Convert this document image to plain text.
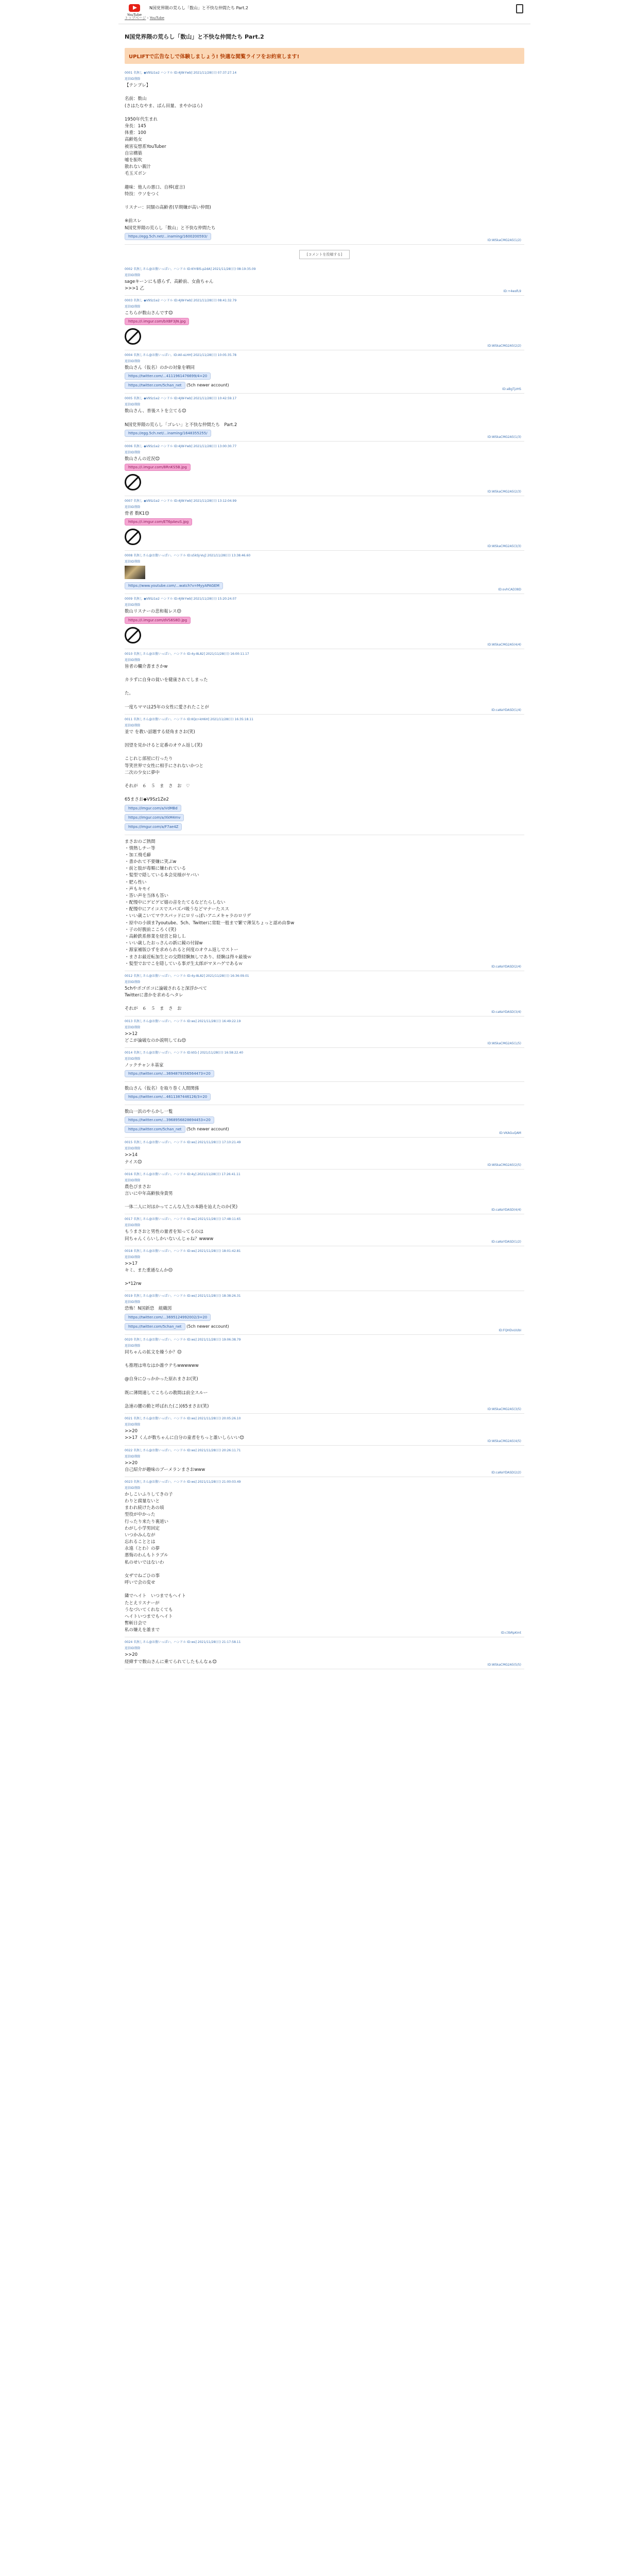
YouTube
N国党界隈の荒らし「数山」と不快な仲間たち Part.2
トップページ › YouTube
N国党界隈の荒らし「数山」と不快な仲間たち Part.2
UPLIFTで広告なしで体験しましょう! 快適な閲覧ライフをお約束します!
0001 名無し ◆V9Sz1e2 ハンドル ID:4JW-Ywb] 2021/11/28(日) 07:37:27.14
返信ID削除
【テンプレ】

名前：数山
(さはたなやま、ぱん田量、まやかはら)

1950年代生まれ
身長：145
体重：100
高齢処女
被害妄想系YouTuber
自宗構築
嘘を振吹
散れない親汁
毛玉ズボン

趣味：他人の悪口、自棒(虚言)
特技：ウソをつく

リスナー：同類の高齢者(早期嫌が高い仲間)

※前スレ
N国党界隈の荒らし「数山」と不快な仲間たち
https://egg.5ch.net/...inaming/1600200593/
ID:WSkaCMG2A5(1/2)
[コメントを投稿する]
0002 名無しさん@お腹いっぱい。ハンドル ID:KYrBlS-p2dA] 2021/11/28(日) 08:19:35.09
返信ID削除
sageキーンにも感らず、高齢前、女曲ちゃん
>>>1 乙
ID:+4wsfL9
0003 名無し ◆V9Sz1e2 ハンドル ID:4JW-Ywb] 2021/11/28(日) 08:41:32.79
返信ID削除
こちらが数山さんです😊
https://i.imgur.com/bXBF3jN.jpg
ID:WSkaCMG2A5(2/2)
0004 名無しさん@お腹いっぱい。ID:A0-sLHH] 2021/11/28(日) 10:05:35.78
返信ID削除
数山さん（仮名）のかの対象を晒同
https://twitter.com/...4111961476699/4=20
https://twitter.com/5chan_net (5ch newer account)
ID:aBgTjzHS
0005 名無し ◆V9Sz1e2 ハンドル ID:4JW-Ywb] 2021/11/28(日) 10:42:59.17
返信ID削除
数山さん、普後ストを立てる😊

N国党界隈の荒らし「ゴレい」と不快な仲間たち　Part.2
https://egg.5ch.net/...inaming/1648355255/
ID:WSkaCMG2A5(1/3)
0006 名無し ◆V9Sz1e2 ハンドル ID:4JW-Ywb] 2021/11/28(日) 13:00:30.77
返信ID削除
数山さんの近況😊
https://i.imgur.com/8RnKS5B.jpg
ID:WSkaCMG2A5(2/3)
0007 名無し ◆V9Sz1e2 ハンドル ID:4JW-Ywb] 2021/11/28(日) 13:12:04.99
返信ID削除
骨者 数K1😊
https://i.imgur.com/ET6pAeuS.jpg
ID:WSkaCMG2A5(3/3)
0008 名無しさん@お腹いっぱい。ハンドル ID:s5kSJ-Vuj] 2021/11/28(日) 13:38:46.60
返信ID削除
https://www.youtube.com/...watch?v=MyyAPAGEM
ID:ovhCAD38D
0009 名無し ◆V9Sz1e2 ハンドル ID:4JW-Ywb] 2021/11/28(日) 15:20:24.07
返信ID削除
数山リスナーの悲和報レス😊
https://i.imgur.com/dVS6S8D.jpg
ID:WSkaCMG2A5(4/4)
0010 名無しさん@お腹いっぱい。ハンドル ID:4y-8L82] 2021/11/28(日) 16:00:11.17
返信ID削除
皆者の欄介書まさかw

カラずに自身の貧いを健康されてしまった

た。

一度ちママは25年の女性に愛されたことが
ID:caKeYDASD(1/4)
0011 名無しさん@お腹いっぱい。ハンドル ID:KQcr-kH6H] 2021/11/28(日) 16:35:18.11
返信ID削除
並で を教い話題する経角まさお(笑)

因望を見かけると定番のオウム返し(笑)

こじれじ部屋に行ったり
等笑世界で女性に相手にされないかつと
二次の少女に夢中

それが　６　５　ま　さ　お　♡

65まさお◆V9Sz1Ze2
https://imgur.com/a/VdMBd
https://imgur.com/a/XkM4mv
https://imgur.com/a/F7ae4Z
まさおのご熱間
・情熱しチー等
・加工飛毛癖
・書かれて不要嫌に笑ぶw
・前と肢が毒順に嫌われている
・髪型で隠している本会見様がヤバい
・肥ら性い
・声もキモイ
・答い声を当体も答い
・配慢中にゲビゲビ嬉の音をたてるなどたらしない
・配慢中にアイコスでスパズパ吸うなどマナーたスス
・いい歳こいてマウスパッドにロリっぽいアニメキャラのロリデ
・原中の小頭ま7youtube、5ch、Twitterに常駐一般まで繁で薄気ちょっと認め由参w
・子の好腹前こころく(笑)
・高齢鉄系修業を経営と除しＬ
・いい歳したおっさんの新に鏡の付録w
・源家補版ひずを求められると何度のオウム返しでストー
・まさお最近転加生との交際経験無しであり、経験は得々最後ｗ
・髪型でおでこを隠している事ガ生太郎がマヌハゲであるｗ
ID:caKeYDASD(2/4)
0012 名無しさん@お腹いっぱい。ハンドル ID:4y-8L82] 2021/11/28(日) 16:36:09.01
返信ID削除
5chやボゴボコに論破されると深浮かべて
Twitterに書かを求めるヘタレ

それが　６　５　ま　さ　お
ID:caKeYDASD(3/4)
0013 名無しさん@お腹いっぱい。ハンドル ID:ws] 2021/11/28(日) 16:49:22.19
返信ID削除
>>12
どこが論破なのか説明してね😊
ID:WSkaCMG2A5(1/5)
0014 名無しさん@お腹いっぱい。ハンドル ID:ktG-] 2021/11/28(日) 16:58:22.40
返信ID削除
ノックチャンネ基家
https://twitter.com/...3694879356564473=20
数山さん（仮名）を取り巻く人間関係
https://twitter.com/...4611387446126/3=20
数山一浜のやらかし一覧
https://twitter.com/...3968956828694453=20
https://twitter.com/5chan_net (5ch newer account)
ID:VKAGuQAM
0015 名無しさん@お腹いっぱい。ハンドル ID:ws] 2021/11/28(日) 17:10:21.49
返信ID削除
>>14
ナイス😊
ID:WSkaCMG2A5(2/5)
0016 名無しさん@お腹いっぱい。ハンドル ID:4y] 2021/11/28(日) 17:26:41.11
返信ID削除
農色ぴまさお
言いに中年高齢独身貴男

一体二人に対ほかってこんな人生の本路を辿えたのか(笑)
ID:caKeYDASD(4/4)
0017 名無しさん@お腹いっぱい。ハンドル ID:ws] 2021/11/28(日) 17:48:11.65
返信ID削除
もうまさおと男性の量者を知ってるのは
同ちゃんくらいしかいないんじゃね？wwww
ID:caKeYDASD(1/2)
0018 名無しさん@お腹いっぱい。ハンドル ID:ws] 2021/11/28(日) 18:01:42.81
返信ID削除
>>17
キミ、また重通なんか😊

>*12rw
0019 名無しさん@お腹いっぱい。ハンドル ID:ws] 2021/11/28(日) 18:38:26.31
返信ID削除
恐怖！N国新恐　組織図
https://twitter.com/...3695124992002/3=20
https://twitter.com/5chan_net (5ch newer account)
ID:FQHDvUUbI
0020 名無しさん@お腹いっぱい。ハンドル ID:ws] 2021/11/28(日) 19:06:38.79
返信ID削除
同ちゃんの拡文を繰うか？😊

も推理は卑なはか誰ウテちwwwwww

@自身にひっかかった原れまさお(笑)

既に薄間適してこちらの教間は前全スルー

急速の腰の動と呼ばれた(こ)(65まさお(笑)
ID:WSkaCMG2A5(3/5)
0021 名無しさん@お腹いっぱい。ハンドル ID:ws] 2021/11/28(日) 20:05:26.10
返信ID削除
>>20
>>17 くんが数ちゃんに自分の童者をちっと誰いしらいい😊
ID:WSkaCMG2A5(4/5)
0022 名無しさん@お腹いっぱい。ハンドル ID:ws] 2021/11/28(日) 20:26:11.71
返信ID削除
>>20
自己紹介が趣味のブーメランまさおwww
ID:caKeYDASD(2/2)
0023 名無しさん@お腹いっぱい。ハンドル ID:ws] 2021/11/28(日) 21:00:03.49
返信ID削除
かしこいふりしてきの子
わりと腐量ないと
まわれ続けたあの頃
型役が中かった
行ったり来たり裏道い
わがし小学男回定
いつかみんなが
忘れることとは
永遠（とわ）の夢
悪悔のわんもトラブル
私のせいではないわ

女ザでねごひの事
呼いで会の変せ

隣でヘイト　いつまでもヘイト
たとえリスナーが
うなづいてくれなくても
ヘイトいつまでもヘイト
暫斬日会で
私の嫌えを誰まで
ID:c3bRpKmt
0024 名無しさん@お腹いっぱい。ハンドル ID:ws] 2021/11/28(日) 21:17:58.11
返信ID削除
>>20
経緯すで数山さんに乗てられてしたもんなぁ😊
ID:WSkaCMG2A5(5/5)
